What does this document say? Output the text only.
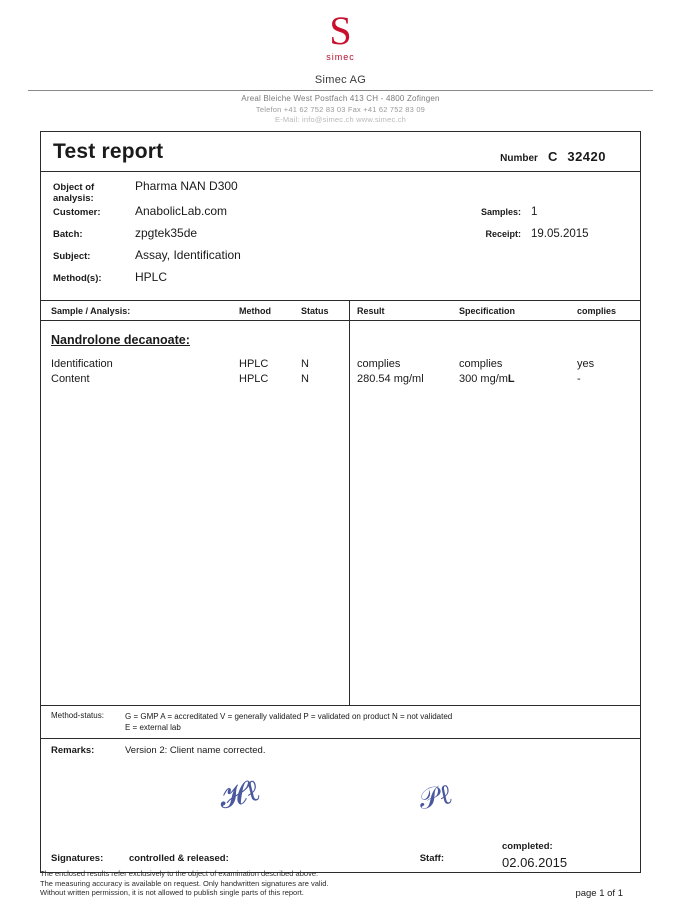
S
simec
Simec AG
Areal Bleiche West Postfach 413 CH - 4800 Zofingen
Telefon +41 62 752 83 03 Fax +41 62 752 83 09
E-Mail: info@simec.ch www.simec.ch
Test report	Number C 32420
Object of
analysis:
Pharma NAN D300
Customer:	AnabolicLab.com	Samples: 1
Batch:	zpgtek35de	Receipt: 19.05.2015
Subject:	Assay, Identification
Method(s):	HPLC
Sample / Analysis:	Method	Status	Result	Specification	complies
Nandrolone decanoate:
Identification	HPLC	N	complies	complies	yes
Content	HPLC	N	280.54 mg/ml	300 mg/mL	-
Method-status:	G = GMP A = accreditated V = generally validated P = validated on product N = not validated
E = external lab
Remarks:	Version 2: Client name corrected.
𝓗ℓ	𝒫ℓ
Signatures:	controlled & released:	Staff:
completed:
02.06.2015
The enclosed results refer exclusively to the object of examination described above.
The measuring accuracy is available on request. Only handwritten signatures are valid.
Without written permission, it is not allowed to publish single parts of this report.	page 1 of 1
